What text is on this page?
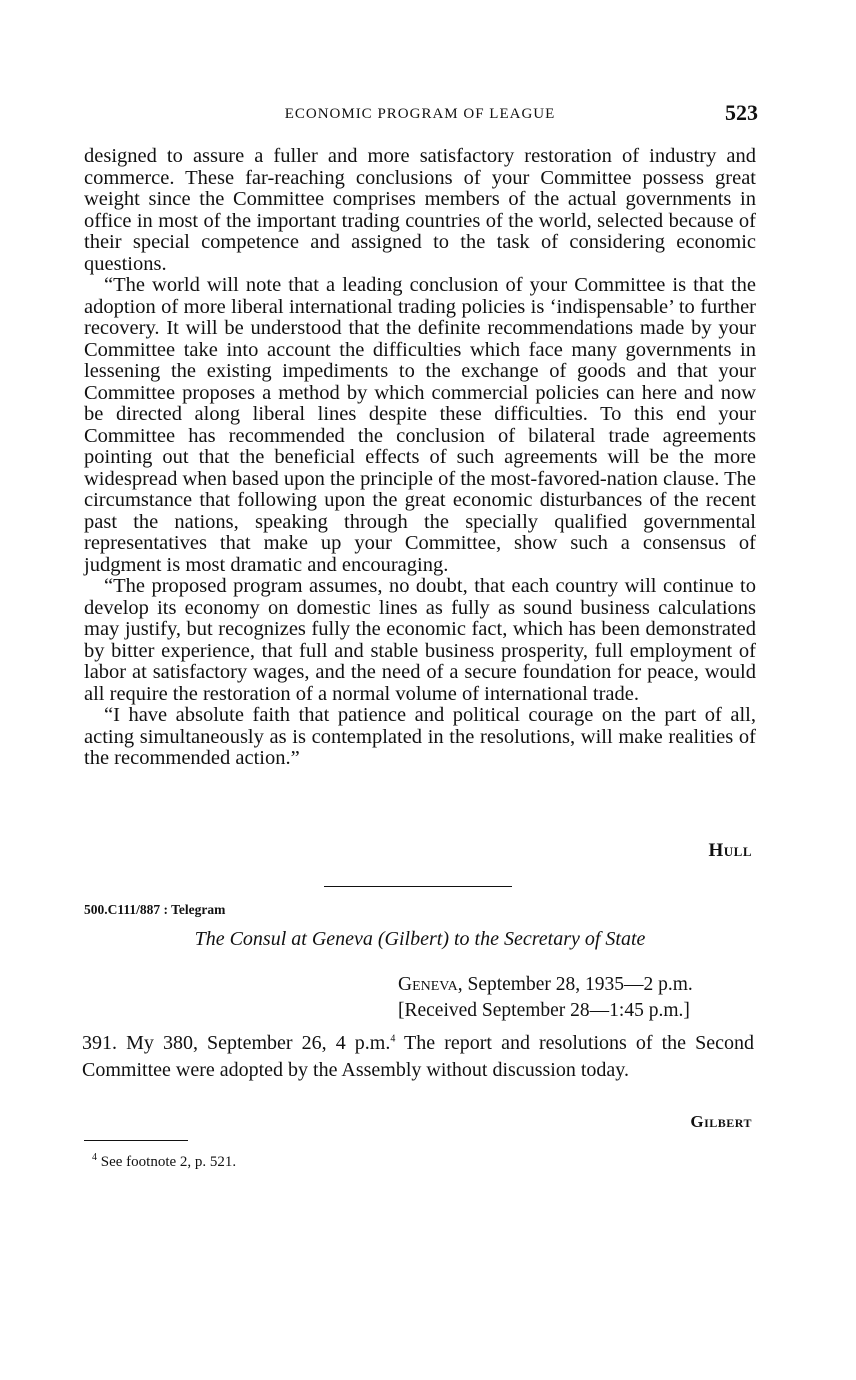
ECONOMIC PROGRAM OF LEAGUE	523

designed to assure a fuller and more satisfactory restoration of industry and commerce. These far-reaching conclusions of your Committee possess great weight since the Committee comprises members of the actual governments in office in most of the important trading countries of the world, selected because of their special competence and assigned to the task of considering economic questions.

“The world will note that a leading conclusion of your Committee is that the adoption of more liberal international trading policies is ‘indispensable’ to further recovery. It will be understood that the definite recommendations made by your Committee take into account the difficulties which face many governments in lessening the existing impediments to the exchange of goods and that your Committee proposes a method by which commercial policies can here and now be directed along liberal lines despite these difficulties. To this end your Committee has recommended the conclusion of bilateral trade agreements pointing out that the beneficial effects of such agreements will be the more widespread when based upon the principle of the most-favored-nation clause. The circumstance that following upon the great economic disturbances of the recent past the nations, speaking through the specially qualified governmental representatives that make up your Committee, show such a consensus of judgment is most dramatic and encouraging.

“The proposed program assumes, no doubt, that each country will continue to develop its economy on domestic lines as fully as sound business calculations may justify, but recognizes fully the economic fact, which has been demonstrated by bitter experience, that full and stable business prosperity, full employment of labor at satisfactory wages, and the need of a secure foundation for peace, would all require the restoration of a normal volume of international trade.

“I have absolute faith that patience and political courage on the part of all, acting simultaneously as is contemplated in the resolutions, will make realities of the recommended action.”

Hull
500.C111/887 : Telegram
The Consul at Geneva (Gilbert) to the Secretary of State
Geneva, September 28, 1935—2 p.m.
[Received September 28—1:45 p.m.]

391. My 380, September 26, 4 p.m.$^4$ The report and resolutions of the Second Committee were adopted by the Assembly without discussion today.

Gilbert
$^4$ See footnote 2, p. 521.
